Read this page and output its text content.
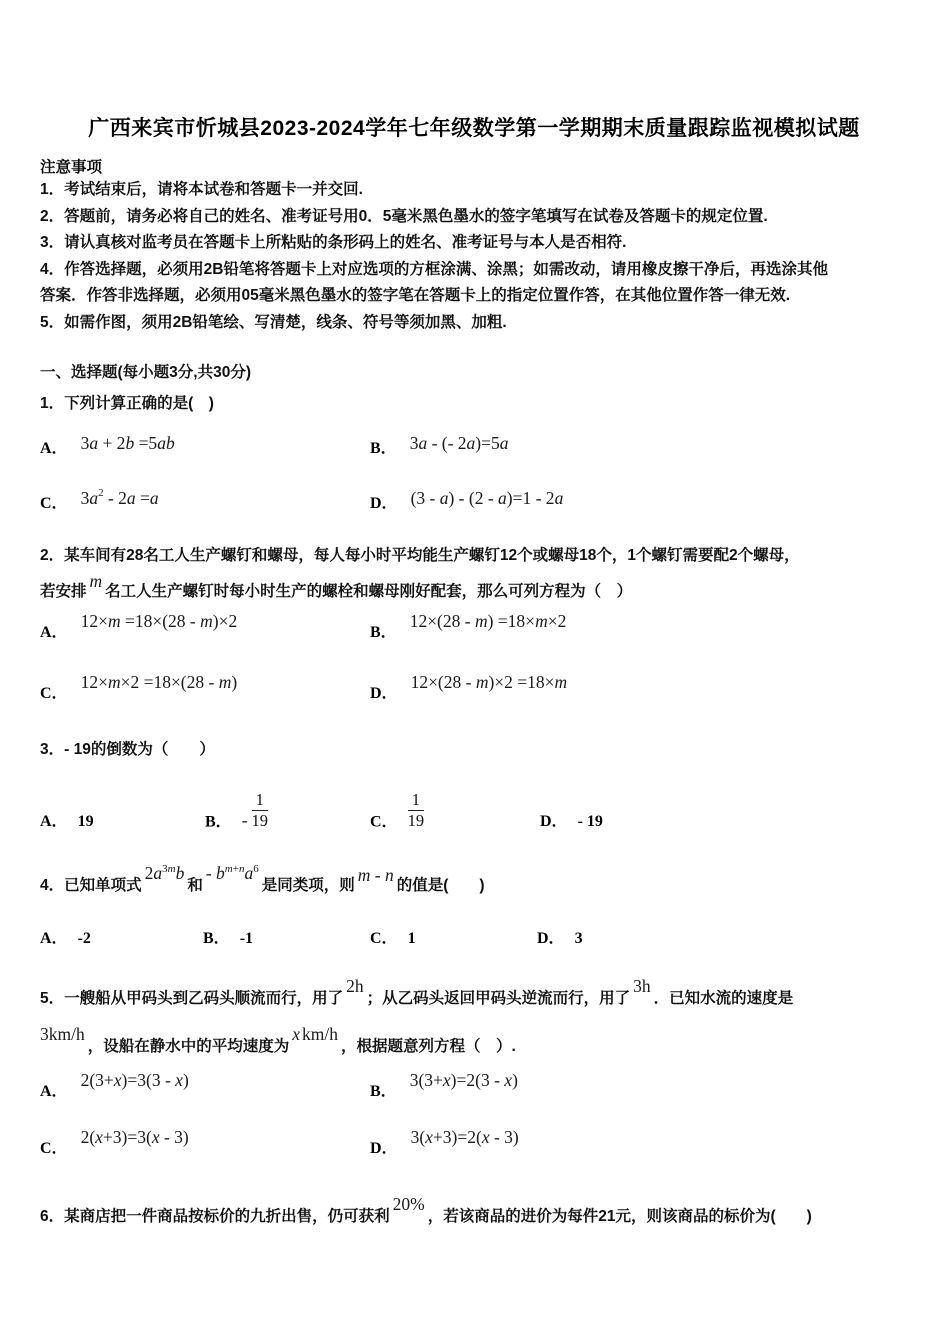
广西来宾市忻城县2023-2024学年七年级数学第一学期期末质量跟踪监视模拟试题
注意事项
1．考试结束后，请将本试卷和答题卡一并交回.
2．答题前，请务必将自己的姓名、准考证号用0．5毫米黑色墨水的签字笔填写在试卷及答题卡的规定位置.
3．请认真核对监考员在答题卡上所粘贴的条形码上的姓名、准考证号与本人是否相符.
4．作答选择题，必须用2B铅笔将答题卡上对应选项的方框涂满、涂黑；如需改动，请用橡皮擦干净后，再选涂其他
答案．作答非选择题，必须用05毫米黑色墨水的签字笔在答题卡上的指定位置作答，在其他位置作答一律无效.
5．如需作图，须用2B铅笔绘、写清楚，线条、符号等须加黑、加粗.
一、选择题(每小题3分,共30分)
1．下列计算正确的是(　)
A． 3a + 2b =5ab	B． 3a - (- 2a)=5a
C． $3a^2 - 2a =a$	D． (3 - a) - (2 - a)=1 - 2a
2．某车间有28名工人生产螺钉和螺母，每人每小时平均能生产螺钉12个或螺母18个，1个螺钉需要配2个螺母，
若安排m名工人生产螺钉时每小时生产的螺栓和螺母刚好配套，那么可列方程为（　）
A．12×m =18×(28 - m)×2
B．12×(28 - m) =18×m×2
C．12×m×2 =18×(28 - m)
D．12×(28 - m)×2 =18×m
3．- 19的倒数为（　　）
A． 19	B． - $\frac{1}{19}$	C． $\frac{1}{19}$	D． - 19
4．已知单项式$2a^{3m}b$和- $b^{m+n}a^6$是同类项，则m - n的值是(　　)
A． -2	B． -1	C． 1	D． 3
5．一艘船从甲码头到乙码头顺流而行，用了2h；从乙码头返回甲码头逆流而行，用了3h．已知水流的速度是
3km/h，设船在静水中的平均速度为x km/h，根据题意列方程（　）.
A．2(3+x)=3(3 - x)
B．3(3+x)=2(3 - x)
C．2(x+3)=3(x - 3)
D．3(x+3)=2(x - 3)
6．某商店把一件商品按标价的九折出售，仍可获利20%，若该商品的进价为每件21元，则该商品的标价为(　　)
